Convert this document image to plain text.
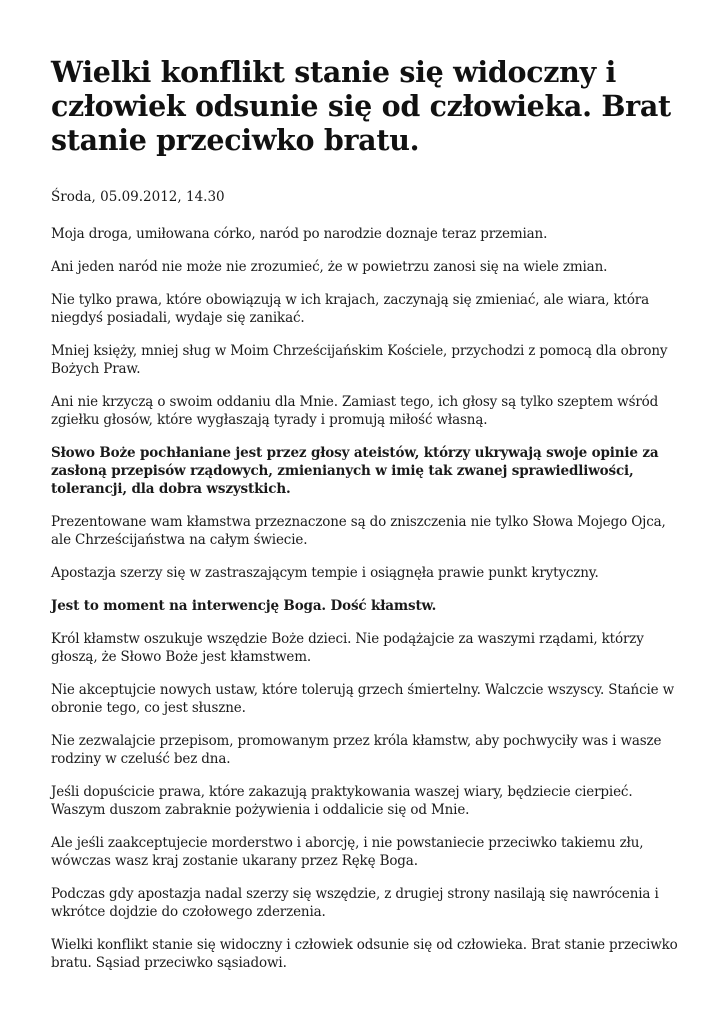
Wielki konflikt stanie się widoczny i człowiek odsunie się od człowieka. Brat stanie przeciwko bratu.
Środa, 05.09.2012, 14.30

Moja droga, umiłowana córko, naród po narodzie doznaje teraz przemian.

Ani jeden naród nie może nie zrozumieć, że w powietrzu zanosi się na wiele zmian.

Nie tylko prawa, które obowiązują w ich krajach, zaczynają się zmieniać, ale wiara, która niegdyś posiadali, wydaje się zanikać.

Mniej księży, mniej sług w Moim Chrześcijańskim Kościele, przychodzi z pomocą dla obrony Bożych Praw.

Ani nie krzyczą o swoim oddaniu dla Mnie. Zamiast tego, ich głosy są tylko szeptem wśród zgiełku głosów, które wygłaszają tyrady i promują miłość własną.

Słowo Boże pochłaniane jest przez głosy ateistów, którzy ukrywają swoje opinie za zasłoną przepisów rządowych, zmienianych w imię tak zwanej sprawiedliwości, tolerancji, dla dobra wszystkich.

Prezentowane wam kłamstwa przeznaczone są do zniszczenia nie tylko Słowa Mojego Ojca, ale Chrześcijaństwa na całym świecie.

Apostazja szerzy się w zastraszającym tempie i osiągnęła prawie punkt krytyczny.

Jest to moment na interwencję Boga. Dość kłamstw.

Król kłamstw oszukuje wszędzie Boże dzieci. Nie podążajcie za waszymi rządami, którzy głoszą, że Słowo Boże jest kłamstwem.

Nie akceptujcie nowych ustaw, które tolerują grzech śmiertelny. Walczcie wszyscy. Stańcie w obronie tego, co jest słuszne.

Nie zezwalajcie przepisom, promowanym przez króla kłamstw, aby pochwyciły was i wasze rodziny w czeluść bez dna.

Jeśli dopuścicie prawa, które zakazują praktykowania waszej wiary, będziecie cierpieć. Waszym duszom zabraknie pożywienia i oddalicie się od Mnie.

Ale jeśli zaakceptujecie morderstwo i aborcję, i nie powstaniecie przeciwko takiemu złu, wówczas wasz kraj zostanie ukarany przez Rękę Boga.

Podczas gdy apostazja nadal szerzy się wszędzie, z drugiej strony nasilają się nawrócenia i wkrótce dojdzie do czołowego zderzenia.

Wielki konflikt stanie się widoczny i człowiek odsunie się od człowieka. Brat stanie przeciwko bratu. Sąsiad przeciwko sąsiadowi.
